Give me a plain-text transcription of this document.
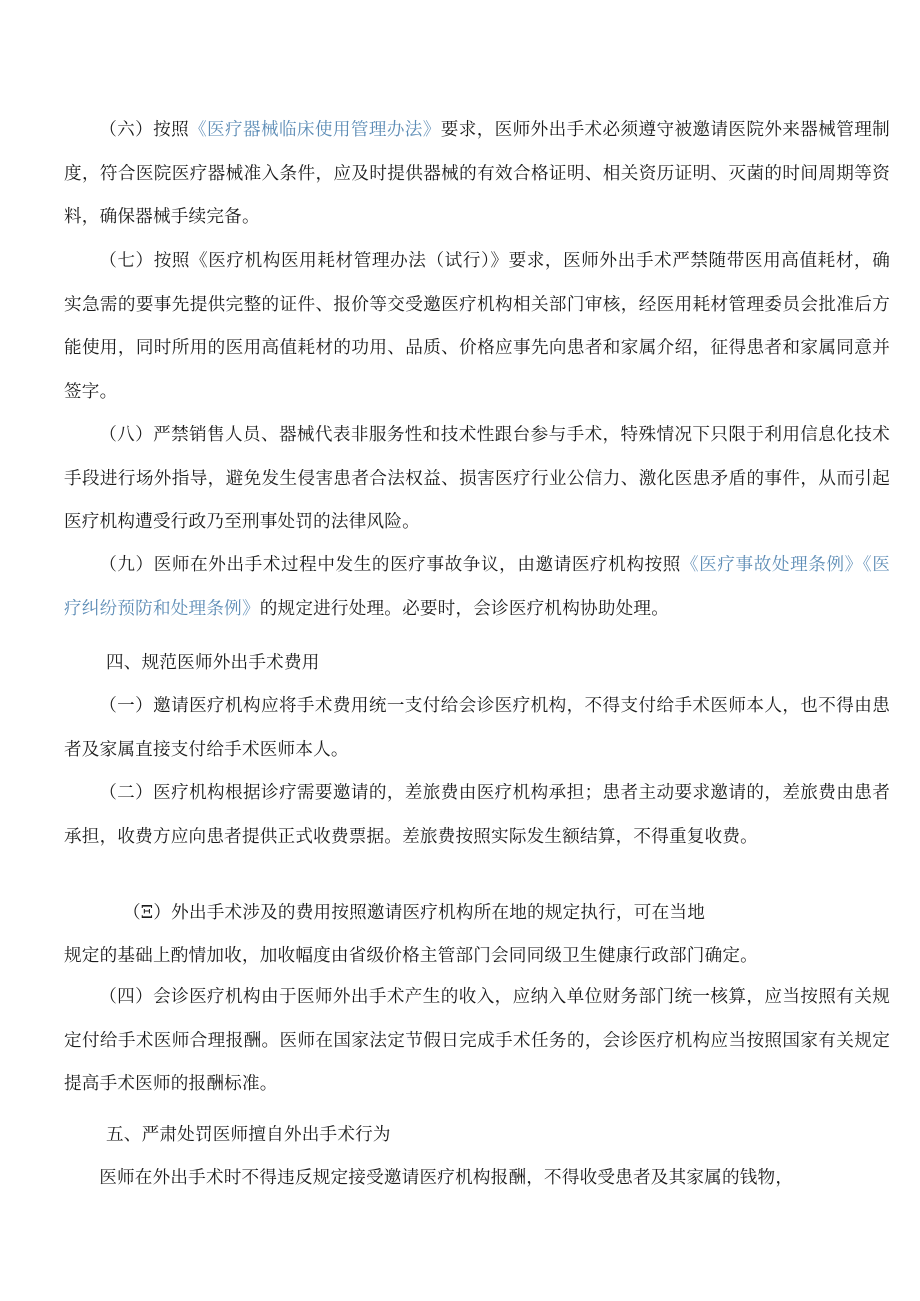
（六）按照《医疗器械临床使用管理办法》要求，医师外出手术必须遵守被邀请医院外来器械管理制度，符合医院医疗器械准入条件，应及时提供器械的有效合格证明、相关资历证明、灭菌的时间周期等资料，确保器械手续完备。

（七）按照《医疗机构医用耗材管理办法（试行）》要求，医师外出手术严禁随带医用高值耗材，确实急需的要事先提供完整的证件、报价等交受邀医疗机构相关部门审核，经医用耗材管理委员会批准后方能使用，同时所用的医用高值耗材的功用、品质、价格应事先向患者和家属介绍，征得患者和家属同意并签字。

（八）严禁销售人员、器械代表非服务性和技术性跟台参与手术，特殊情况下只限于利用信息化技术手段进行场外指导，避免发生侵害患者合法权益、损害医疗行业公信力、激化医患矛盾的事件，从而引起医疗机构遭受行政乃至刑事处罚的法律风险。

（九）医师在外出手术过程中发生的医疗事故争议，由邀请医疗机构按照《医疗事故处理条例》《医疗纠纷预防和处理条例》的规定进行处理。必要时，会诊医疗机构协助处理。

四、规范医师外出手术费用

（一）邀请医疗机构应将手术费用统一支付给会诊医疗机构，不得支付给手术医师本人，也不得由患者及家属直接支付给手术医师本人。

（二）医疗机构根据诊疗需要邀请的，差旅费由医疗机构承担；患者主动要求邀请的，差旅费由患者承担，收费方应向患者提供正式收费票据。差旅费按照实际发生额结算，不得重复收费。

（Ξ）外出手术涉及的费用按照邀请医疗机构所在地的规定执行，可在当地

规定的基础上酌情加收，加收幅度由省级价格主管部门会同同级卫生健康行政部门确定。

（四）会诊医疗机构由于医师外出手术产生的收入，应纳入单位财务部门统一核算，应当按照有关规定付给手术医师合理报酬。医师在国家法定节假日完成手术任务的，会诊医疗机构应当按照国家有关规定提高手术医师的报酬标准。

五、严肃处罚医师擅自外出手术行为

医师在外出手术时不得违反规定接受邀请医疗机构报酬，不得收受患者及其家属的钱物，
